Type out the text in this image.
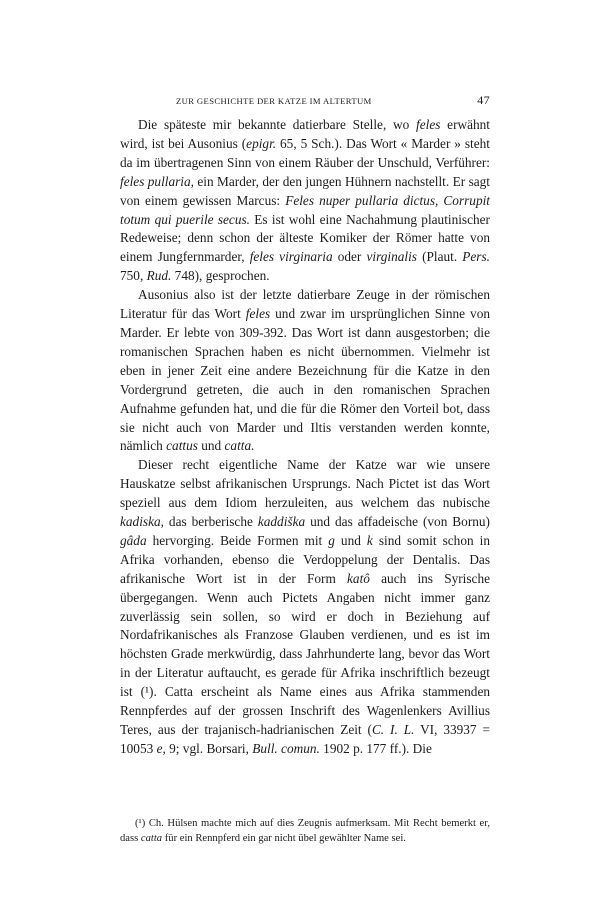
ZUR GESCHICHTE DER KATZE IM ALTERTUM	47

Die späteste mir bekannte datierbare Stelle, wo feles erwähnt wird, ist bei Ausonius (epigr. 65, 5 Sch.). Das Wort « Marder » steht da im übertragenen Sinn von einem Räuber der Unschuld, Verführer: feles pullaria, ein Marder, der den jungen Hühnern nachstellt. Er sagt von einem gewissen Marcus: Feles nuper pullaria dictus, Corrupit totum qui puerile secus. Es ist wohl eine Nachahmung plautinischer Redeweise; denn schon der älteste Komiker der Römer hatte von einem Jungfernmarder, feles virginaria oder virginalis (Plaut. Pers. 750, Rud. 748), gesprochen.

Ausonius also ist der letzte datierbare Zeuge in der römischen Literatur für das Wort feles und zwar im ursprünglichen Sinne von Marder. Er lebte von 309-392. Das Wort ist dann ausgestorben; die romanischen Sprachen haben es nicht übernommen. Vielmehr ist eben in jener Zeit eine andere Bezeichnung für die Katze in den Vordergrund getreten, die auch in den romanischen Sprachen Aufnahme gefunden hat, und die für die Römer den Vorteil bot, dass sie nicht auch von Marder und Iltis verstanden werden konnte, nämlich cattus und catta.

Dieser recht eigentliche Name der Katze war wie unsere Hauskatze selbst afrikanischen Ursprungs. Nach Pictet ist das Wort speziell aus dem Idiom herzuleiten, aus welchem das nubische kadiska, das berberische kaddiška und das affadeische (von Bornu) gâda hervorging. Beide Formen mit g und k sind somit schon in Afrika vorhanden, ebenso die Verdoppelung der Dentalis. Das afrikanische Wort ist in der Form katô auch ins Syrische übergegangen. Wenn auch Pictets Angaben nicht immer ganz zuverlässig sein sollen, so wird er doch in Beziehung auf Nordafrikanisches als Franzose Glauben verdienen, und es ist im höchsten Grade merkwürdig, dass Jahrhunderte lang, bevor das Wort in der Literatur auftaucht, es gerade für Afrika inschriftlich bezeugt ist (¹). Catta erscheint als Name eines aus Afrika stammenden Rennpferdes auf der grossen Inschrift des Wagenlenkers Avillius Teres, aus der trajanisch-hadrianischen Zeit (C. I. L. VI, 33937 = 10053 e, 9; vgl. Borsari, Bull. comun. 1902 p. 177 ff.). Die

(¹) Ch. Hülsen machte mich auf dies Zeugnis aufmerksam. Mit Recht bemerkt er, dass catta für ein Rennpferd ein gar nicht übel gewählter Name sei.
